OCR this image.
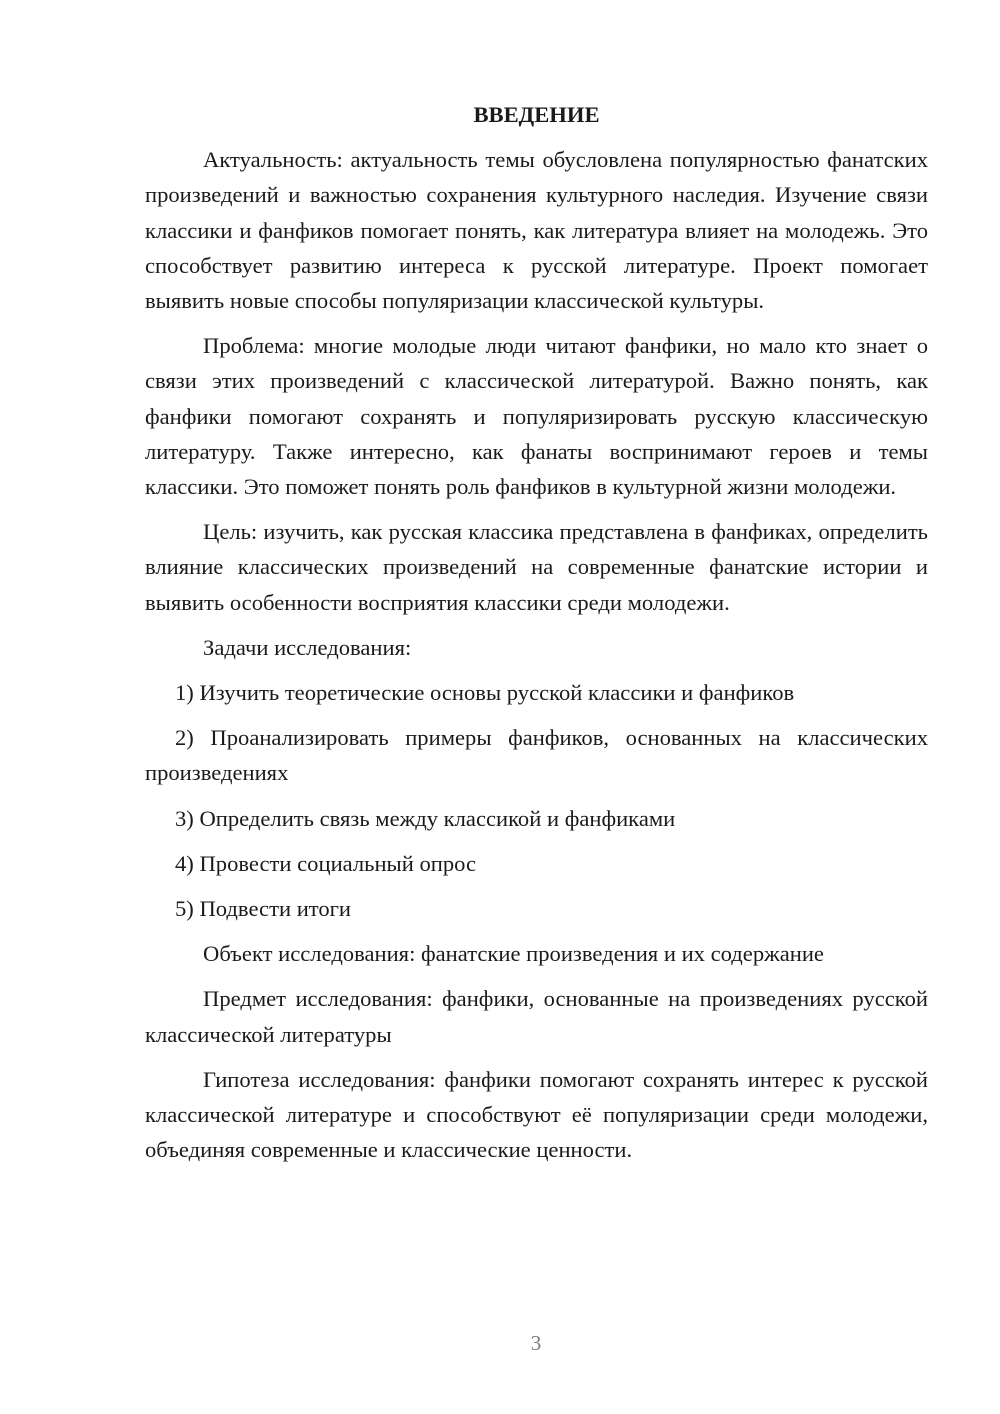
ВВЕДЕНИЕ

Актуальность: актуальность темы обусловлена популярностью фанатских произведений и важностью сохранения культурного наследия. Изучение связи классики и фанфиков помогает понять, как литература влияет на молодежь. Это способствует развитию интереса к русской литературе. Проект помогает выявить новые способы популяризации классической культуры.

Проблема: многие молодые люди читают фанфики, но мало кто знает о связи этих произведений с классической литературой. Важно понять, как фанфики помогают сохранять и популяризировать русскую классическую литературу. Также интересно, как фанаты воспринимают героев и темы классики. Это поможет понять роль фанфиков в культурной жизни молодежи.

Цель: изучить, как русская классика представлена в фанфиках, определить влияние классических произведений на современные фанатские истории и выявить особенности восприятия классики среди молодежи.

Задачи исследования:

1) Изучить теоретические основы русской классики и фанфиков

2) Проанализировать примеры фанфиков, основанных на классических произведениях

3) Определить связь между классикой и фанфиками

4) Провести социальный опрос

5) Подвести итоги

Объект исследования: фанатские произведения и их содержание

Предмет исследования: фанфики, основанные на произведениях русской классической литературы

Гипотеза исследования: фанфики помогают сохранять интерес к русской классической литературе и способствуют её популяризации среди молодежи, объединяя современные и классические ценности.

3
